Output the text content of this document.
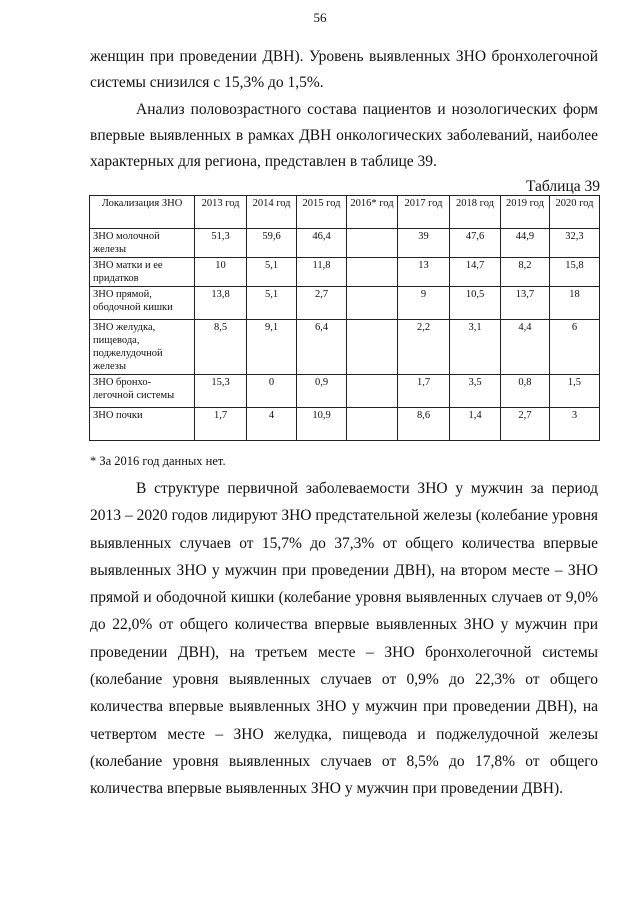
56

женщин при проведении ДВН). Уровень выявленных ЗНО бронхолегочной системы снизился с 15,3% до 1,5%.

Анализ половозрастного состава пациентов и нозологических форм впервые выявленных в рамках ДВН онкологических заболеваний, наиболее характерных для региона, представлен в таблице 39.

Таблица 39
Локализация ЗНО	2013 год	2014 год	2015 год	2016* год	2017 год	2018 год	2019 год	2020 год
ЗНО молочной железы	51,3	59,6	46,4		39	47,6	44,9	32,3
ЗНО матки и ее придатков	10	5,1	11,8		13	14,7	8,2	15,8
ЗНО прямой, ободочной кишки	13,8	5,1	2,7		9	10,5	13,7	18
ЗНО желудка, пищевода, поджелудочной железы	8,5	9,1	6,4		2,2	3,1	4,4	6
ЗНО бронхо-легочной системы	15,3	0	0,9		1,7	3,5	0,8	1,5
ЗНО почки	1,7	4	10,9		8,6	1,4	2,7	3
* За 2016 год данных нет.

В структуре первичной заболеваемости ЗНО у мужчин за период 2013 – 2020 годов лидируют ЗНО предстательной железы (колебание уровня выявленных случаев от 15,7% до 37,3% от общего количества впервые выявленных ЗНО у мужчин при проведении ДВН), на втором месте – ЗНО прямой и ободочной кишки (колебание уровня выявленных случаев от 9,0% до 22,0% от общего количества впервые выявленных ЗНО у мужчин при проведении ДВН), на третьем месте – ЗНО бронхолегочной системы (колебание уровня выявленных случаев от 0,9% до 22,3% от общего количества впервые выявленных ЗНО у мужчин при проведении ДВН), на четвертом месте – ЗНО желудка, пищевода и поджелудочной железы (колебание уровня выявленных случаев от 8,5% до 17,8% от общего количества впервые выявленных ЗНО у мужчин при проведении ДВН).
